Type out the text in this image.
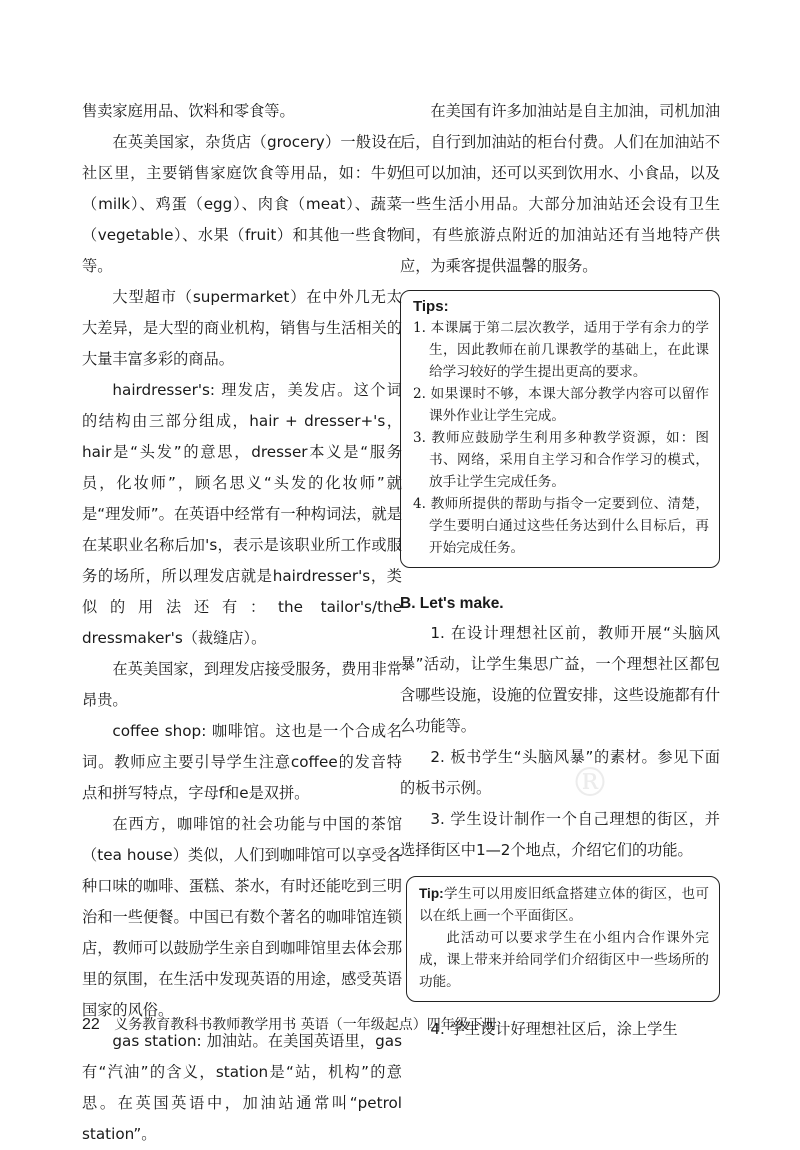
售卖家庭用品、饮料和零食等。

在英美国家，杂货店（grocery）一般设在社区里，主要销售家庭饮食等用品，如：牛奶（milk）、鸡蛋（egg）、肉食（meat）、蔬菜（vegetable）、水果（fruit）和其他一些食物等。

大型超市（supermarket）在中外几无太大差异，是大型的商业机构，销售与生活相关的大量丰富多彩的商品。

hairdresser's: 理发店，美发店。这个词的结构由三部分组成，hair + dresser+'s，hair是“头发”的意思，dresser本义是“服务员，化妆师”，顾名思义“头发的化妆师”就是“理发师”。在英语中经常有一种构词法，就是在某职业名称后加's，表示是该职业所工作或服务的场所，所以理发店就是hairdresser's，类似的用法还有：the tailor's/the dressmaker's（裁缝店）。

在英美国家，到理发店接受服务，费用非常昂贵。

coffee shop: 咖啡馆。这也是一个合成名词。教师应主要引导学生注意coffee的发音特点和拼写特点，字母f和e是双拼。

在西方，咖啡馆的社会功能与中国的茶馆（tea house）类似，人们到咖啡馆可以享受各种口味的咖啡、蛋糕、茶水，有时还能吃到三明治和一些便餐。中国已有数个著名的咖啡馆连锁店，教师可以鼓励学生亲自到咖啡馆里去体会那里的氛围，在生活中发现英语的用途，感受英语国家的风俗。

gas station: 加油站。在美国英语里，gas有“汽油”的含义，station是“站，机构”的意思。在英国英语中，加油站通常叫“petrol station”。

在美国有许多加油站是自主加油，司机加油后，自行到加油站的柜台付费。人们在加油站不但可以加油，还可以买到饮用水、小食品，以及一些生活小用品。大部分加油站还会设有卫生间，有些旅游点附近的加油站还有当地特产供应，为乘客提供温馨的服务。

Tips:

1. 本课属于第二层次教学，适用于学有余力的学生，因此教师在前几课教学的基础上，在此课给学习较好的学生提出更高的要求。

2. 如果课时不够，本课大部分教学内容可以留作课外作业让学生完成。

3. 教师应鼓励学生利用多种教学资源，如：图书、网络，采用自主学习和合作学习的模式，放手让学生完成任务。

4. 教师所提供的帮助与指令一定要到位、清楚，学生要明白通过这些任务达到什么目标后，再开始完成任务。

B. Let's make.

1. 在设计理想社区前，教师开展“头脑风暴”活动，让学生集思广益，一个理想社区都包含哪些设施，设施的位置安排，这些设施都有什么功能等。

2. 板书学生“头脑风暴”的素材。参见下面的板书示例。

3. 学生设计制作一个自己理想的街区，并选择街区中1—2个地点，介绍它们的功能。

Tip:学生可以用废旧纸盒搭建立体的街区，也可以在纸上画一个平面街区。

此活动可以要求学生在小组内合作课外完成，课上带来并给同学们介绍街区中一些场所的功能。

4. 学生设计好理想社区后，涂上学生

®
22 义务教育教科书教师教学用书 英语（一年级起点）四年级下册
